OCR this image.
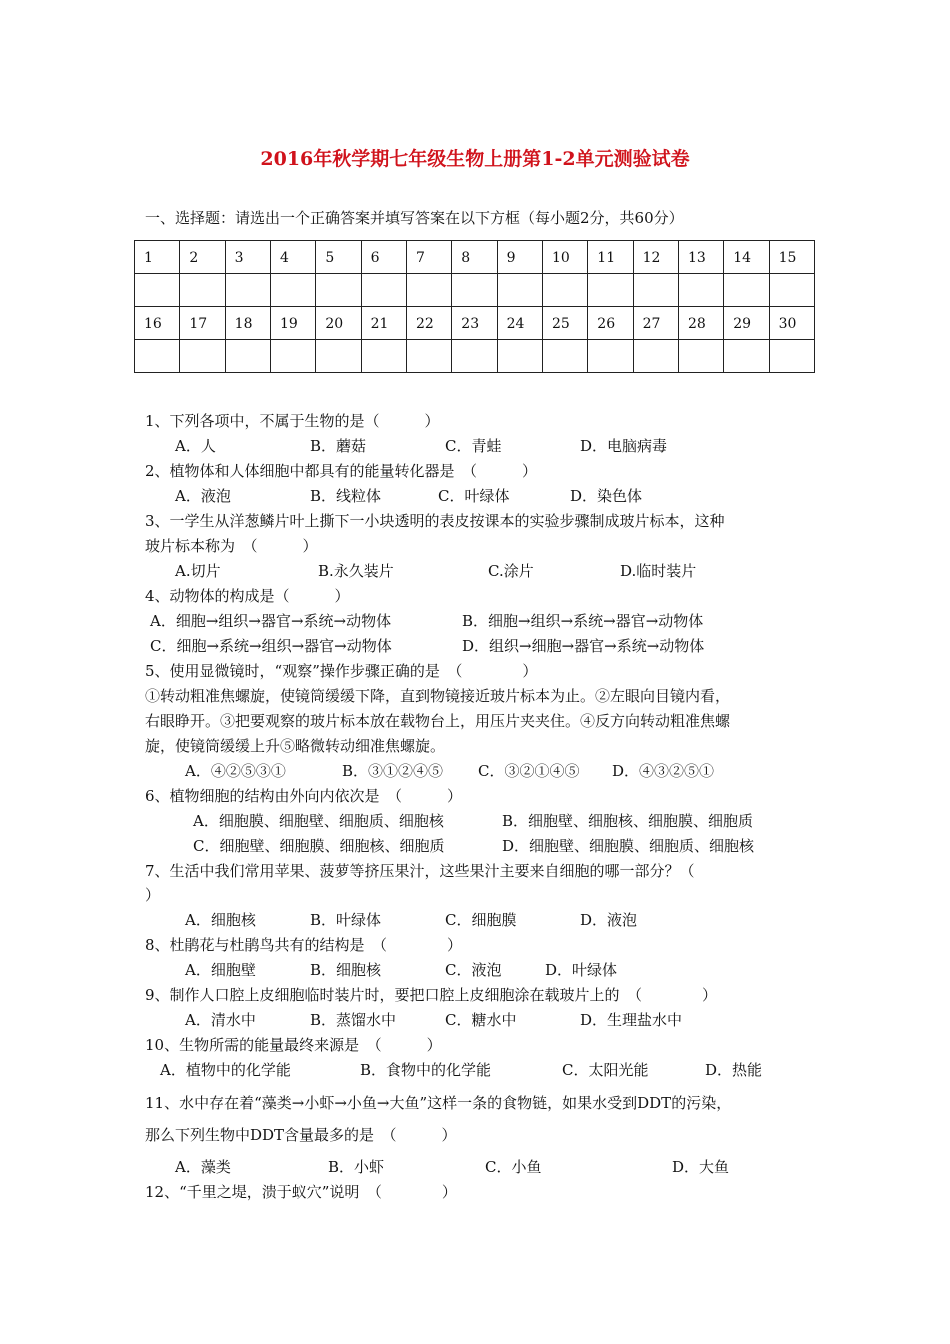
2016年秋学期七年级生物上册第1-2单元测验试卷
一、选择题：请选出一个正确答案并填写答案在以下方框（每小题2分，共60分）
1	2	3	4	5	6	7	8	9	10	11	12	13	14	15

16	17	18	19	20	21	22	23	24	25	26	27	28	29	30

1、下列各项中，不属于生物的是（　　　）
A．人	B．蘑菇	C．青蛙	D．电脑病毒
2、植物体和人体细胞中都具有的能量转化器是　（　　　）
A．液泡	B．线粒体	C．叶绿体	D．染色体
3、一学生从洋葱鳞片叶上撕下一小块透明的表皮按课本的实验步骤制成玻片标本，这种
玻片标本称为　（　　　）
A.切片	B.永久装片	C.涂片	D.临时装片
4、动物体的构成是（　　　）
A．细胞→组织→器官→系统→动物体	B．细胞→组织→系统→器官→动物体
C．细胞→系统→组织→器官→动物体	D．组织→细胞→器官→系统→动物体
5、使用显微镜时，“观察”操作步骤正确的是　（　　　　）
①转动粗准焦螺旋，使镜筒缓缓下降，直到物镜接近玻片标本为止。②左眼向目镜内看，
右眼睁开。③把要观察的玻片标本放在载物台上，用压片夹夹住。④反方向转动粗准焦螺
旋，使镜筒缓缓上升⑤略微转动细准焦螺旋。
A．④②⑤③①	B．③①②④⑤ C．③②①④⑤ D．④③②⑤①
6、植物细胞的结构由外向内依次是　（　　　）
A．细胞膜、细胞壁、细胞质、细胞核	B．细胞壁、细胞核、细胞膜、细胞质
C．细胞壁、细胞膜、细胞核、细胞质	D．细胞壁、细胞膜、细胞质、细胞核
7、生活中我们常用苹果、菠萝等挤压果汁，这些果汁主要来自细胞的哪一部分？（
）
A．细胞核	B．叶绿体	C．细胞膜	D．液泡
8、杜鹃花与杜鹃鸟共有的结构是　（　　　　）
A．细胞壁	B．细胞核	C．液泡	D．叶绿体
9、制作人口腔上皮细胞临时装片时，要把口腔上皮细胞涂在载玻片上的　（　　　　）
A．清水中	B．蒸馏水中	C．糖水中	D．生理盐水中
10、生物所需的能量最终来源是　（　　　）
A．植物中的化学能	B．食物中的化学能	C．太阳光能	D．热能
11、水中存在着“藻类→小虾→小鱼→大鱼”这样一条的食物链，如果水受到DDT的污染，
那么下列生物中DDT含量最多的是　（　　　）
A．藻类	B．小虾	C．小鱼	D．大鱼
12、“千里之堤，溃于蚁穴”说明　（　　　　）
